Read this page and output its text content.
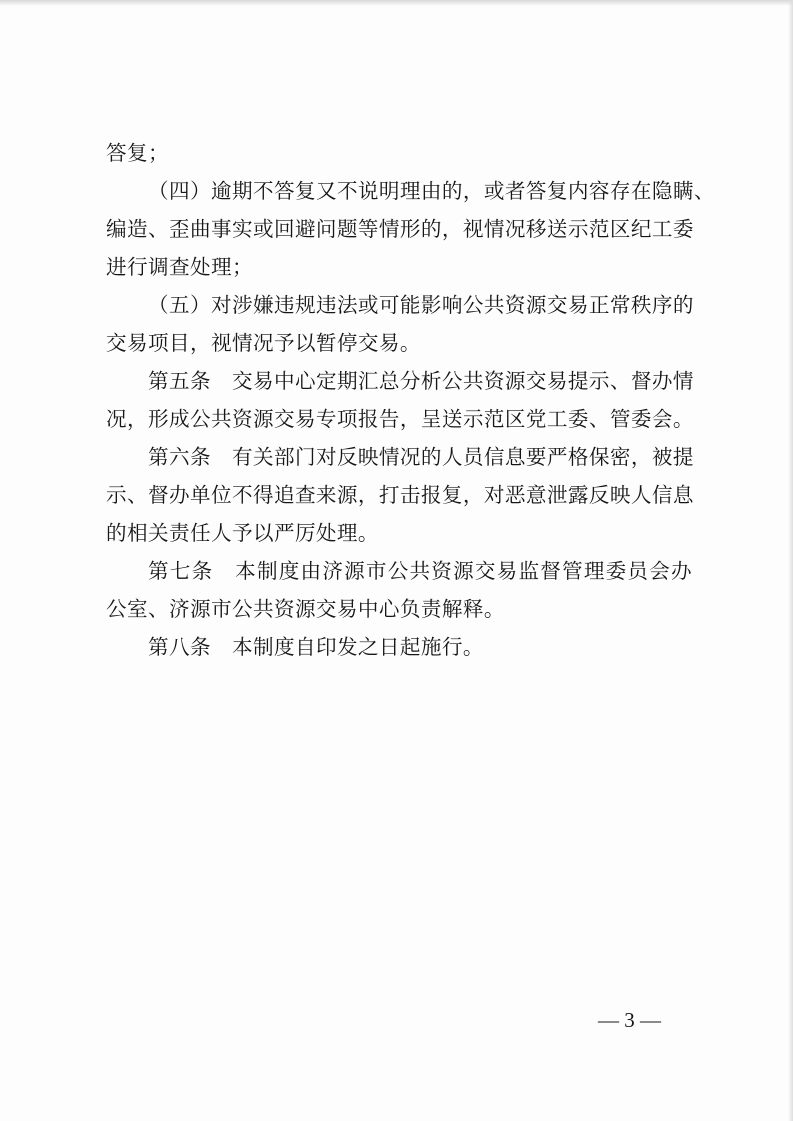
答复；
（四）逾期不答复又不说明理由的，或者答复内容存在隐瞒、
编造、歪曲事实或回避问题等情形的，视情况移送示范区纪工委
进行调查处理；
（五）对涉嫌违规违法或可能影响公共资源交易正常秩序的
交易项目，视情况予以暂停交易。
第五条　交易中心定期汇总分析公共资源交易提示、督办情
况，形成公共资源交易专项报告，呈送示范区党工委、管委会。
第六条　有关部门对反映情况的人员信息要严格保密，被提
示、督办单位不得追查来源，打击报复，对恶意泄露反映人信息
的相关责任人予以严厉处理。
第七条　本制度由济源市公共资源交易监督管理委员会办
公室、济源市公共资源交易中心负责解释。
第八条　本制度自印发之日起施行。
— 3 —
